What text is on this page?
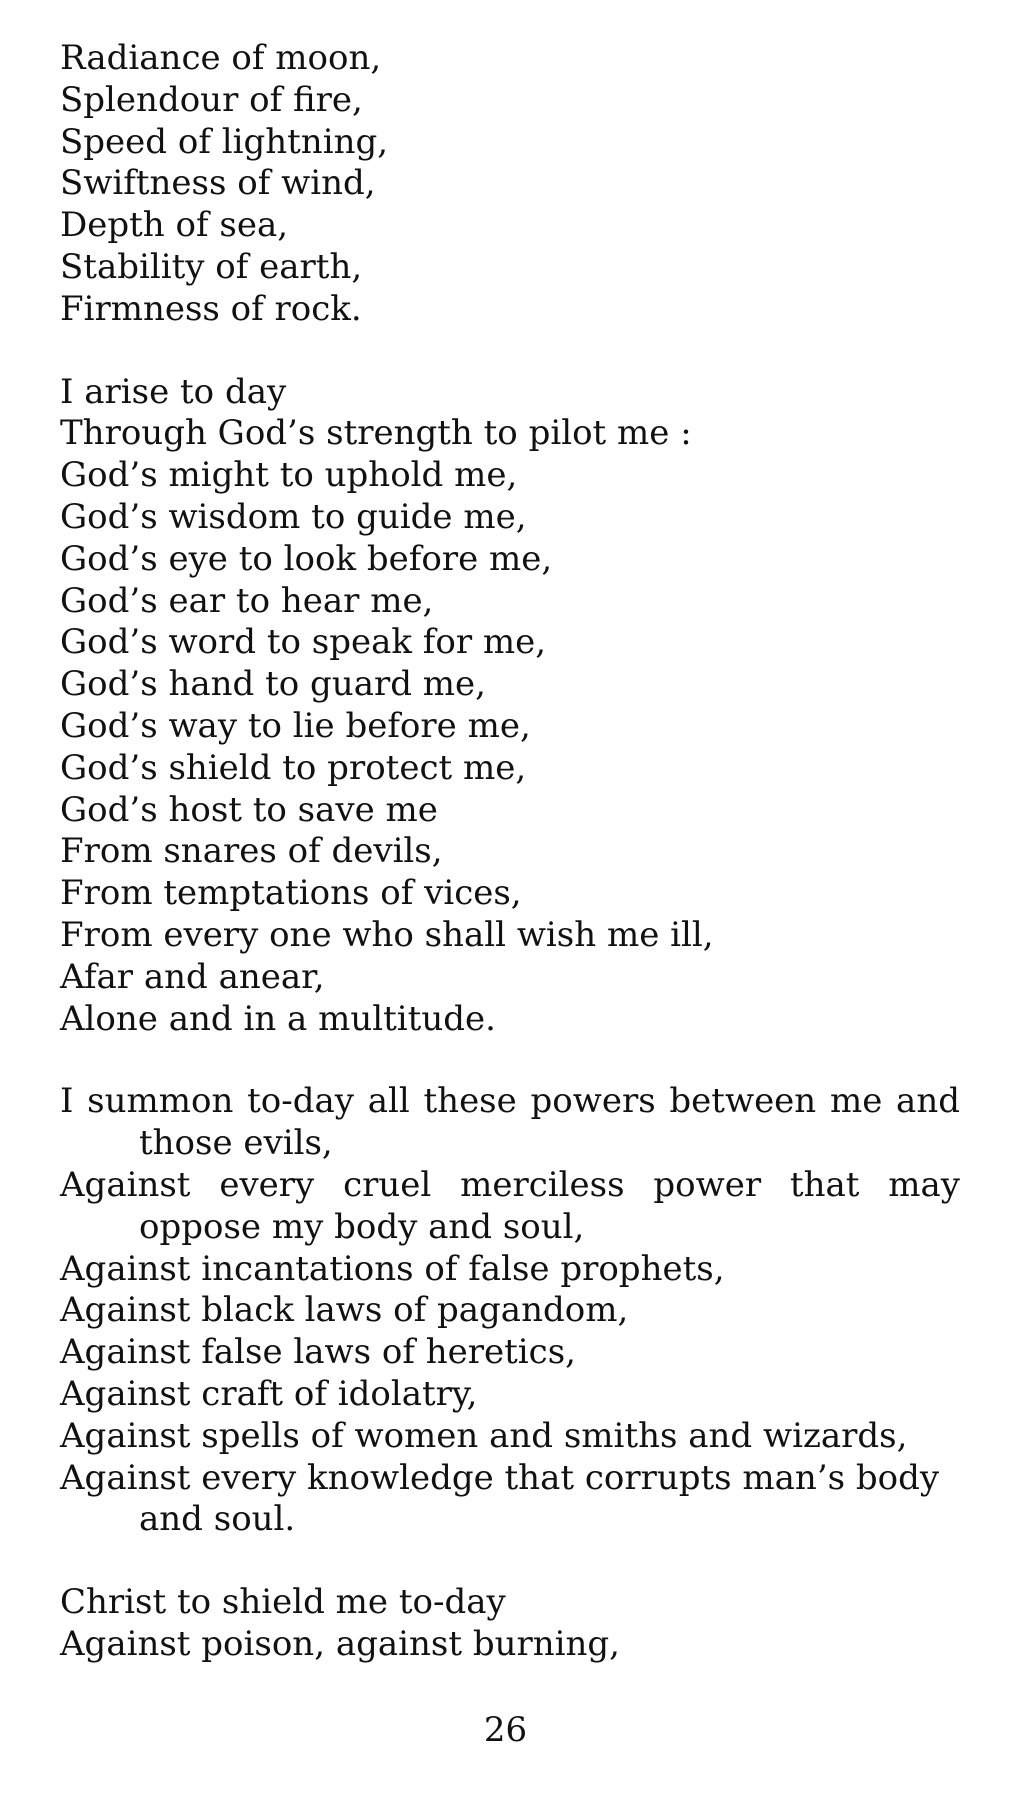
Radiance of moon,
Splendour of fire,
Speed of lightning,
Swiftness of wind,
Depth of sea,
Stability of earth,
Firmness of rock.
I arise to day
Through God’s strength to pilot me :
God’s might to uphold me,
God’s wisdom to guide me,
God’s eye to look before me,
God’s ear to hear me,
God’s word to speak for me,
God’s hand to guard me,
God’s way to lie before me,
God’s shield to protect me,
God’s host to save me
From snares of devils,
From temptations of vices,
From every one who shall wish me ill,
Afar and anear,
Alone and in a multitude.
I summon to-day all these powers between me and
those evils,
Against every cruel merciless power that may
oppose my body and soul,
Against incantations of false prophets,
Against black laws of pagandom,
Against false laws of heretics,
Against craft of idolatry,
Against spells of women and smiths and wizards,
Against every knowledge that corrupts man’s body
and soul.
Christ to shield me to-day
Against poison, against burning,
26
